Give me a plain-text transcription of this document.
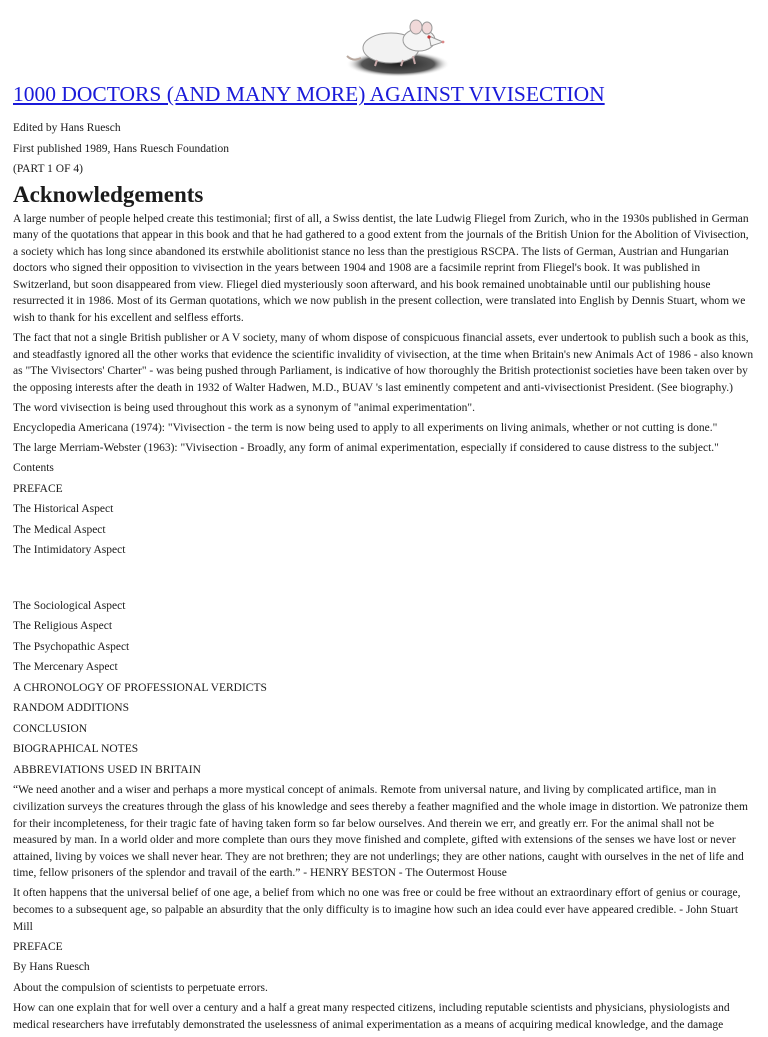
1000 DOCTORS (AND MANY MORE) AGAINST VIVISECTION

Edited by Hans Ruesch

First published 1989, Hans Ruesch Foundation

(PART 1 OF 4)

Acknowledgements

A large number of people helped create this testimonial; first of all, a Swiss dentist, the late Ludwig Fliegel from Zurich, who in the 1930s published in German many of the quotations that appear in this book and that he had gathered to a good extent from the journals of the British Union for the Abolition of Vivisection, a society which has long since abandoned its erstwhile abolitionist stance no less than the prestigious RSCPA. The lists of German, Austrian and Hungarian doctors who signed their opposition to vivisection in the years between 1904 and 1908 are a facsimile reprint from Fliegel's book. It was published in Switzerland, but soon disappeared from view. Fliegel died mysteriously soon afterward, and his book remained unobtainable until our publishing house resurrected it in 1986. Most of its German quotations, which we now publish in the present collection, were translated into English by Dennis Stuart, whom we wish to thank for his excellent and selfless efforts.

The fact that not a single British publisher or A V society, many of whom dispose of conspicuous financial assets, ever undertook to publish such a book as this, and steadfastly ignored all the other works that evidence the scientific invalidity of vivisection, at the time when Britain's new Animals Act of 1986 - also known as "The Vivisectors' Charter" - was being pushed through Parliament, is indicative of how thoroughly the British protectionist societies have been taken over by the opposing interests after the death in 1932 of Walter Hadwen, M.D., BUAV 's last eminently competent and anti-vivisectionist President. (See biography.)

The word vivisection is being used throughout this work as a synonym of "animal experimentation".

Encyclopedia Americana (1974): "Vivisection - the term is now being used to apply to all experiments on living animals, whether or not cutting is done."

The large Merriam-Webster (1963): "Vivisection - Broadly, any form of animal experimentation, especially if considered to cause distress to the subject."

Contents

PREFACE

The Historical Aspect

The Medical Aspect

The Intimidatory Aspect

The Sociological Aspect

The Religious Aspect

The Psychopathic Aspect

The Mercenary Aspect

A CHRONOLOGY OF PROFESSIONAL VERDICTS

RANDOM ADDITIONS

CONCLUSION

BIOGRAPHICAL NOTES

ABBREVIATIONS USED IN BRITAIN

“We need another and a wiser and perhaps a more mystical concept of animals. Remote from universal nature, and living by complicated artifice, man in civilization surveys the creatures through the glass of his knowledge and sees thereby a feather magnified and the whole image in distortion. We patronize them for their incompleteness, for their tragic fate of having taken form so far below ourselves. And therein we err, and greatly err. For the animal shall not be measured by man. In a world older and more complete than ours they move finished and complete, gifted with extensions of the senses we have lost or never attained, living by voices we shall never hear. They are not brethren; they are not underlings; they are other nations, caught with ourselves in the net of life and time, fellow prisoners of the splendor and travail of the earth.” - HENRY BESTON - The Outermost House

It often happens that the universal belief of one age, a belief from which no one was free or could be free without an extraordinary effort of genius or courage, becomes to a subsequent age, so palpable an absurdity that the only difficulty is to imagine how such an idea could ever have appeared credible. - John Stuart Mill

PREFACE

By Hans Ruesch

About the compulsion of scientists to perpetuate errors.

How can one explain that for well over a century and a half a great many respected citizens, including reputable scientists and physicians, physiologists and medical researchers have irrefutably demonstrated the uselessness of animal experimentation as a means of acquiring medical knowledge, and the damage
